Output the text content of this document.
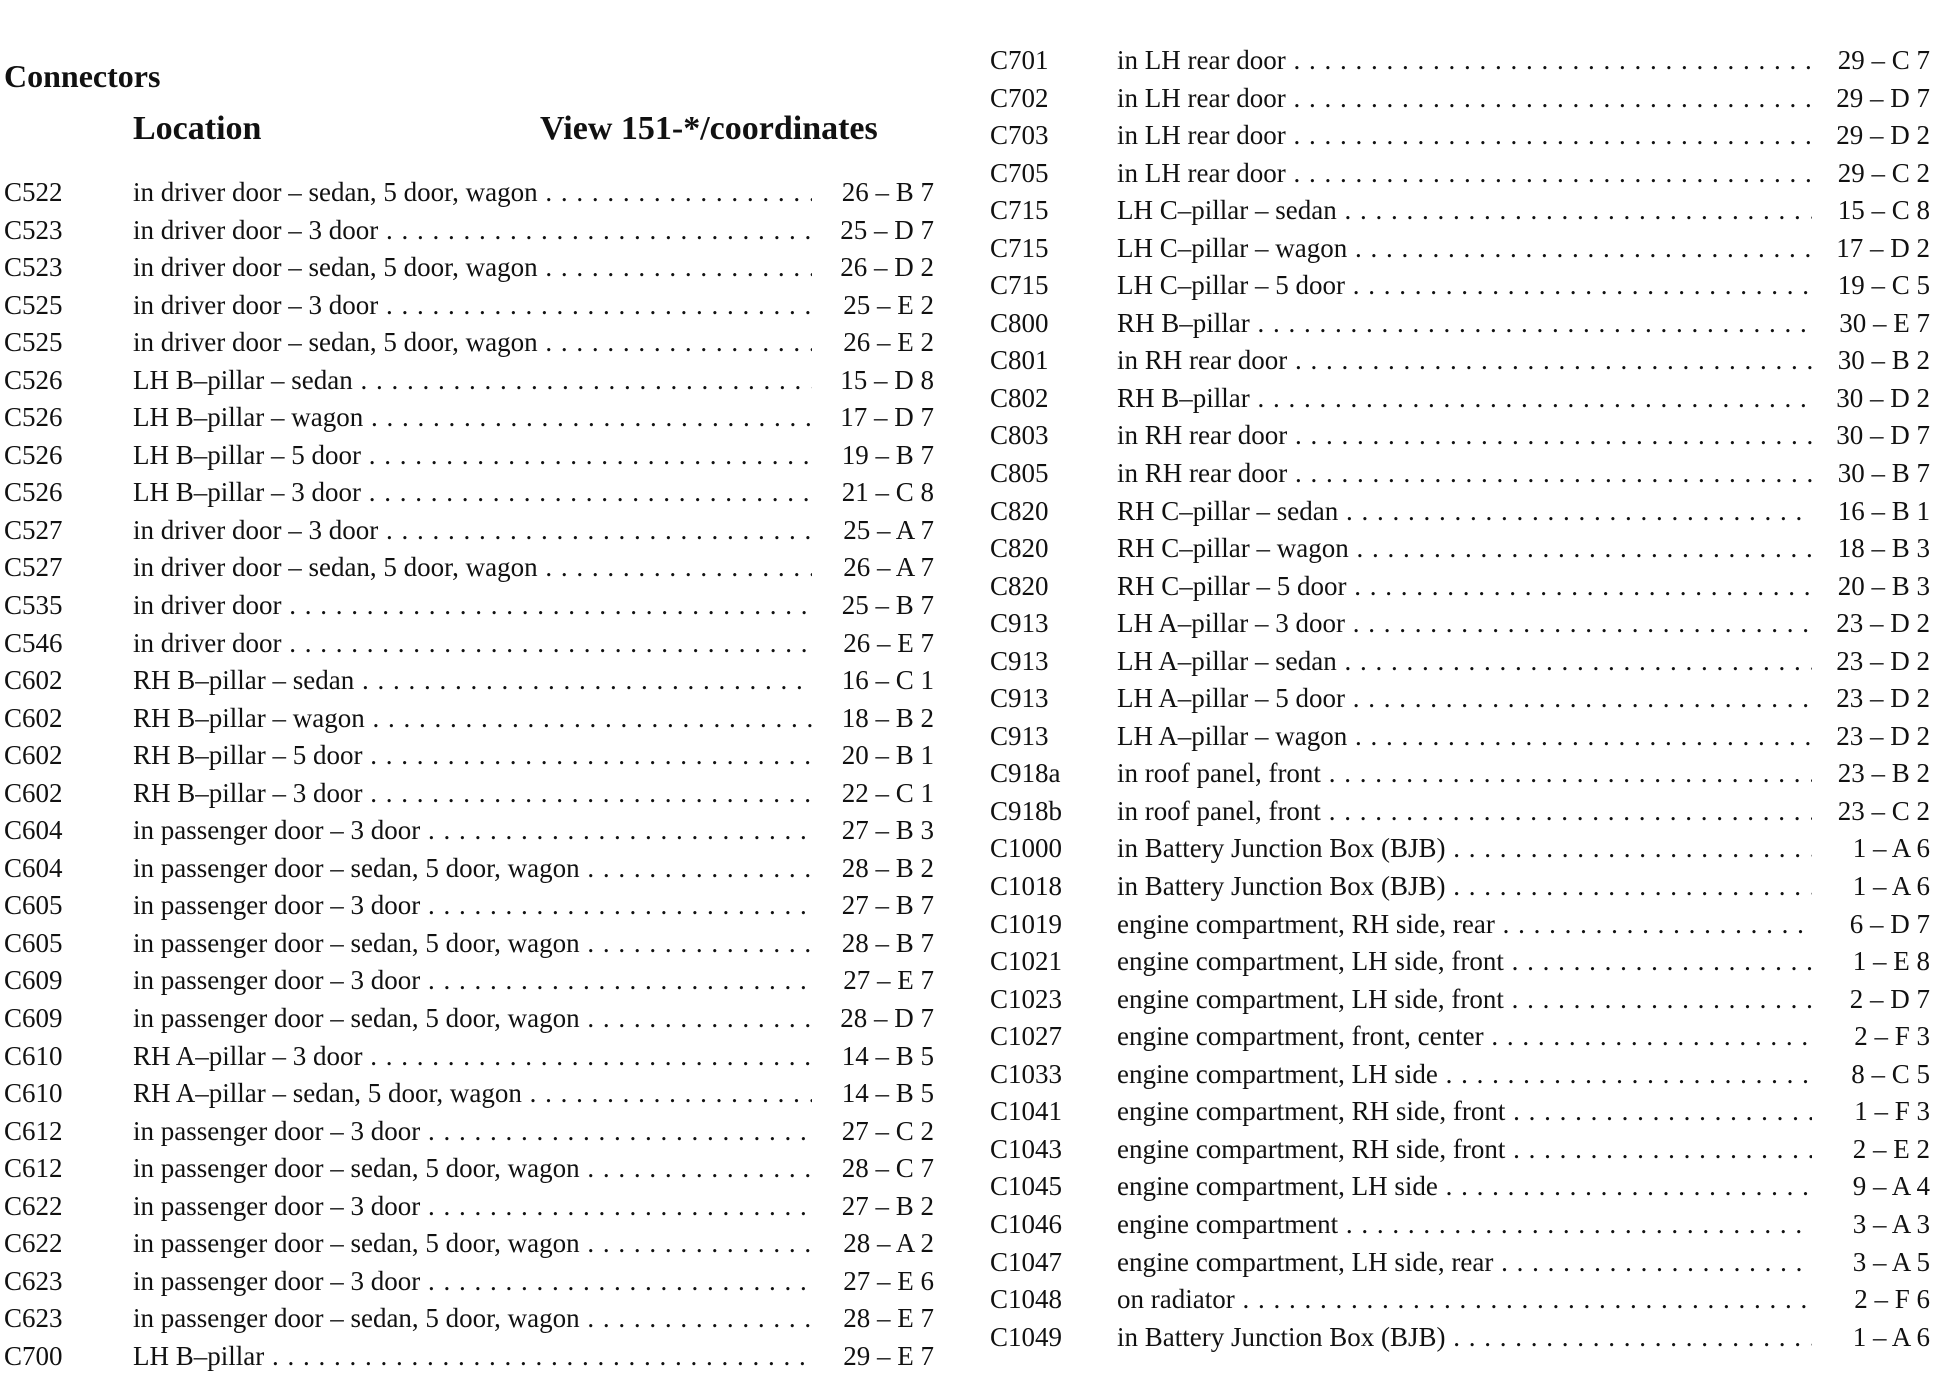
Connectors
Location	View 151-*/coordinates
C522	in driver door – sedan, 5 door, wagon . . .	26 – B 7
C523	in driver door – 3 door . . .	25 – D 7
C523	in driver door – sedan, 5 door, wagon . . .	26 – D 2
C525	in driver door – 3 door . . .	25 – E 2
C525	in driver door – sedan, 5 door, wagon . . .	26 – E 2
C526	LH B–pillar – sedan . . .	15 – D 8
C526	LH B–pillar – wagon . . .	17 – D 7
C526	LH B–pillar – 5 door . . .	19 – B 7
C526	LH B–pillar – 3 door . . .	21 – C 8
C527	in driver door – 3 door . . .	25 – A 7
C527	in driver door – sedan, 5 door, wagon . . .	26 – A 7
C535	in driver door . . .	25 – B 7
C546	in driver door . . .	26 – E 7
C602	RH B–pillar – sedan . . .	16 – C 1
C602	RH B–pillar – wagon . . .	18 – B 2
C602	RH B–pillar – 5 door . . .	20 – B 1
C602	RH B–pillar – 3 door . . .	22 – C 1
C604	in passenger door – 3 door . . .	27 – B 3
C604	in passenger door – sedan, 5 door, wagon . . .	28 – B 2
C605	in passenger door – 3 door . . .	27 – B 7
C605	in passenger door – sedan, 5 door, wagon . . .	28 – B 7
C609	in passenger door – 3 door . . .	27 – E 7
C609	in passenger door – sedan, 5 door, wagon . . .	28 – D 7
C610	RH A–pillar – 3 door . . .	14 – B 5
C610	RH A–pillar – sedan, 5 door, wagon . . .	14 – B 5
C612	in passenger door – 3 door . . .	27 – C 2
C612	in passenger door – sedan, 5 door, wagon . . .	28 – C 7
C622	in passenger door – 3 door . . .	27 – B 2
C622	in passenger door – sedan, 5 door, wagon . . .	28 – A 2
C623	in passenger door – 3 door . . .	27 – E 6
C623	in passenger door – sedan, 5 door, wagon . . .	28 – E 7
C700	LH B–pillar . . .	29 – E 7
C701	in LH rear door . . .	29 – C 7
C702	in LH rear door . . .	29 – D 7
C703	in LH rear door . . .	29 – D 2
C705	in LH rear door . . .	29 – C 2
C715	LH C–pillar – sedan . . .	15 – C 8
C715	LH C–pillar – wagon . . .	17 – D 2
C715	LH C–pillar – 5 door . . .	19 – C 5
C800	RH B–pillar . . .	30 – E 7
C801	in RH rear door . . .	30 – B 2
C802	RH B–pillar . . .	30 – D 2
C803	in RH rear door . . .	30 – D 7
C805	in RH rear door . . .	30 – B 7
C820	RH C–pillar – sedan . . .	16 – B 1
C820	RH C–pillar – wagon . . .	18 – B 3
C820	RH C–pillar – 5 door . . .	20 – B 3
C913	LH A–pillar – 3 door . . .	23 – D 2
C913	LH A–pillar – sedan . . .	23 – D 2
C913	LH A–pillar – 5 door . . .	23 – D 2
C913	LH A–pillar – wagon . . .	23 – D 2
C918a	in roof panel, front . . .	23 – B 2
C918b	in roof panel, front . . .	23 – C 2
C1000	in Battery Junction Box (BJB) . . .	1 – A 6
C1018	in Battery Junction Box (BJB) . . .	1 – A 6
C1019	engine compartment, RH side, rear . . .	6 – D 7
C1021	engine compartment, LH side, front . . .	1 – E 8
C1023	engine compartment, LH side, front . . .	2 – D 7
C1027	engine compartment, front, center . . .	2 – F 3
C1033	engine compartment, LH side . . .	8 – C 5
C1041	engine compartment, RH side, front . . .	1 – F 3
C1043	engine compartment, RH side, front . . .	2 – E 2
C1045	engine compartment, LH side . . .	9 – A 4
C1046	engine compartment . . .	3 – A 3
C1047	engine compartment, LH side, rear . . .	3 – A 5
C1048	on radiator . . .	2 – F 6
C1049	in Battery Junction Box (BJB) . . .	1 – A 6
